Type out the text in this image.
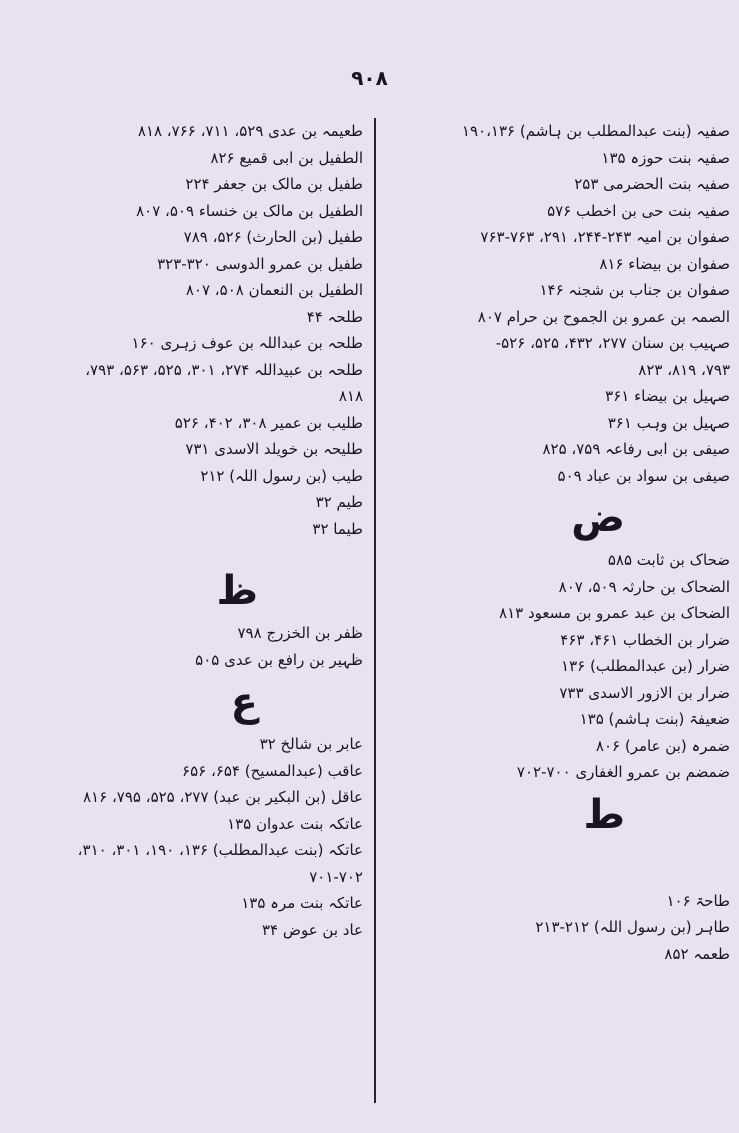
۹۰۸
صفیہ (بنت عبدالمطلب بن ہاشم) ۱۹۰،۱۳۶
صفیہ بنت حوزہ ۱۳۵
صفیہ بنت الحضرمی ۲۵۳
صفیہ بنت حی بن اخطب ۵۷۶
صفوان بن امیہ ۲۴۳-۲۴۴، ۲۹۱، ۷۶۳-۷۶۳
صفوان بن بیضاء ۸۱۶
صفوان بن جناب بن شجنہ ۱۴۶
الصمہ بن عمرو بن الجموح بن حرام ۸۰۷
صہیب بن سنان ۲۷۷، ۴۳۲، ۵۲۵، ۵۲۶-
۷۹۳، ۸۱۹، ۸۲۳
صہیل بن بیضاء ۳۶۱
صہیل بن وہب ۳۶۱
صیفی بن ابی رفاعہ ۷۵۹، ۸۲۵
صیفی بن سواد بن عباد ۵۰۹
ض
ضحاک بن ثابت ۵۸۵
الضحاک بن حارثہ ۵۰۹، ۸۰۷
الضحاک بن عبد عمرو بن مسعود ۸۱۳
ضرار بن الخطاب ۴۶۱، ۴۶۳
ضرار (بن عبدالمطلب) ۱۳۶
ضرار بن الازور الاسدی ۷۳۳
ضعیفۃ (بنت ہاشم) ۱۳۵
ضمرہ (بن عامر) ۸۰۶
ضمضم بن عمرو الغفاری ۷۰۰-۷۰۲
ط
طاحۃ ۱۰۶
طاہر (بن رسول اللہ) ۲۱۲-۲۱۳
طعمہ ۸۵۲
طعیمہ بن عدی ۵۲۹، ۷۱۱، ۷۶۶، ۸۱۸
الطفیل بن ابی قمیع ۸۲۶
طفیل بن مالک بن جعفر ۲۲۴
الطفیل بن مالک بن خنساء ۵۰۹، ۸۰۷
طفیل (بن الحارث) ۵۲۶، ۷۸۹
طفیل بن عمرو الدوسی ۳۲۰-۳۲۳
الطفیل بن النعمان ۵۰۸، ۸۰۷
طلحہ ۴۴
طلحہ بن عبداللہ بن عوف زہری ۱۶۰
طلحہ بن عبیداللہ ۲۷۴، ۳۰۱، ۵۲۵، ۵۶۳، ۷۹۳،
۸۱۸
طلیب بن عمیر ۳۰۸، ۴۰۲، ۵۲۶
طلیحہ بن خویلد الاسدی ۷۳۱
طیب (بن رسول اللہ) ۲۱۲
طیم ۳۲
طیما ۳۲
ظ
ظفر بن الخزرج ۷۹۸
ظہیر بن رافع بن عدی ۵۰۵
ع
عابر بن شالخ ۳۲
عاقب (عبدالمسیح) ۶۵۴، ۶۵۶
عاقل (بن البکیر بن عبد) ۲۷۷، ۵۲۵، ۷۹۵، ۸۱۶
عاتکہ بنت عدوان ۱۳۵
عاتکہ (بنت عبدالمطلب) ۱۳۶، ۱۹۰، ۳۰۱، ۳۱۰،
۷۰۱-۷۰۲
عاتکہ بنت مرہ ۱۳۵
عاد بن عوض ۳۴
